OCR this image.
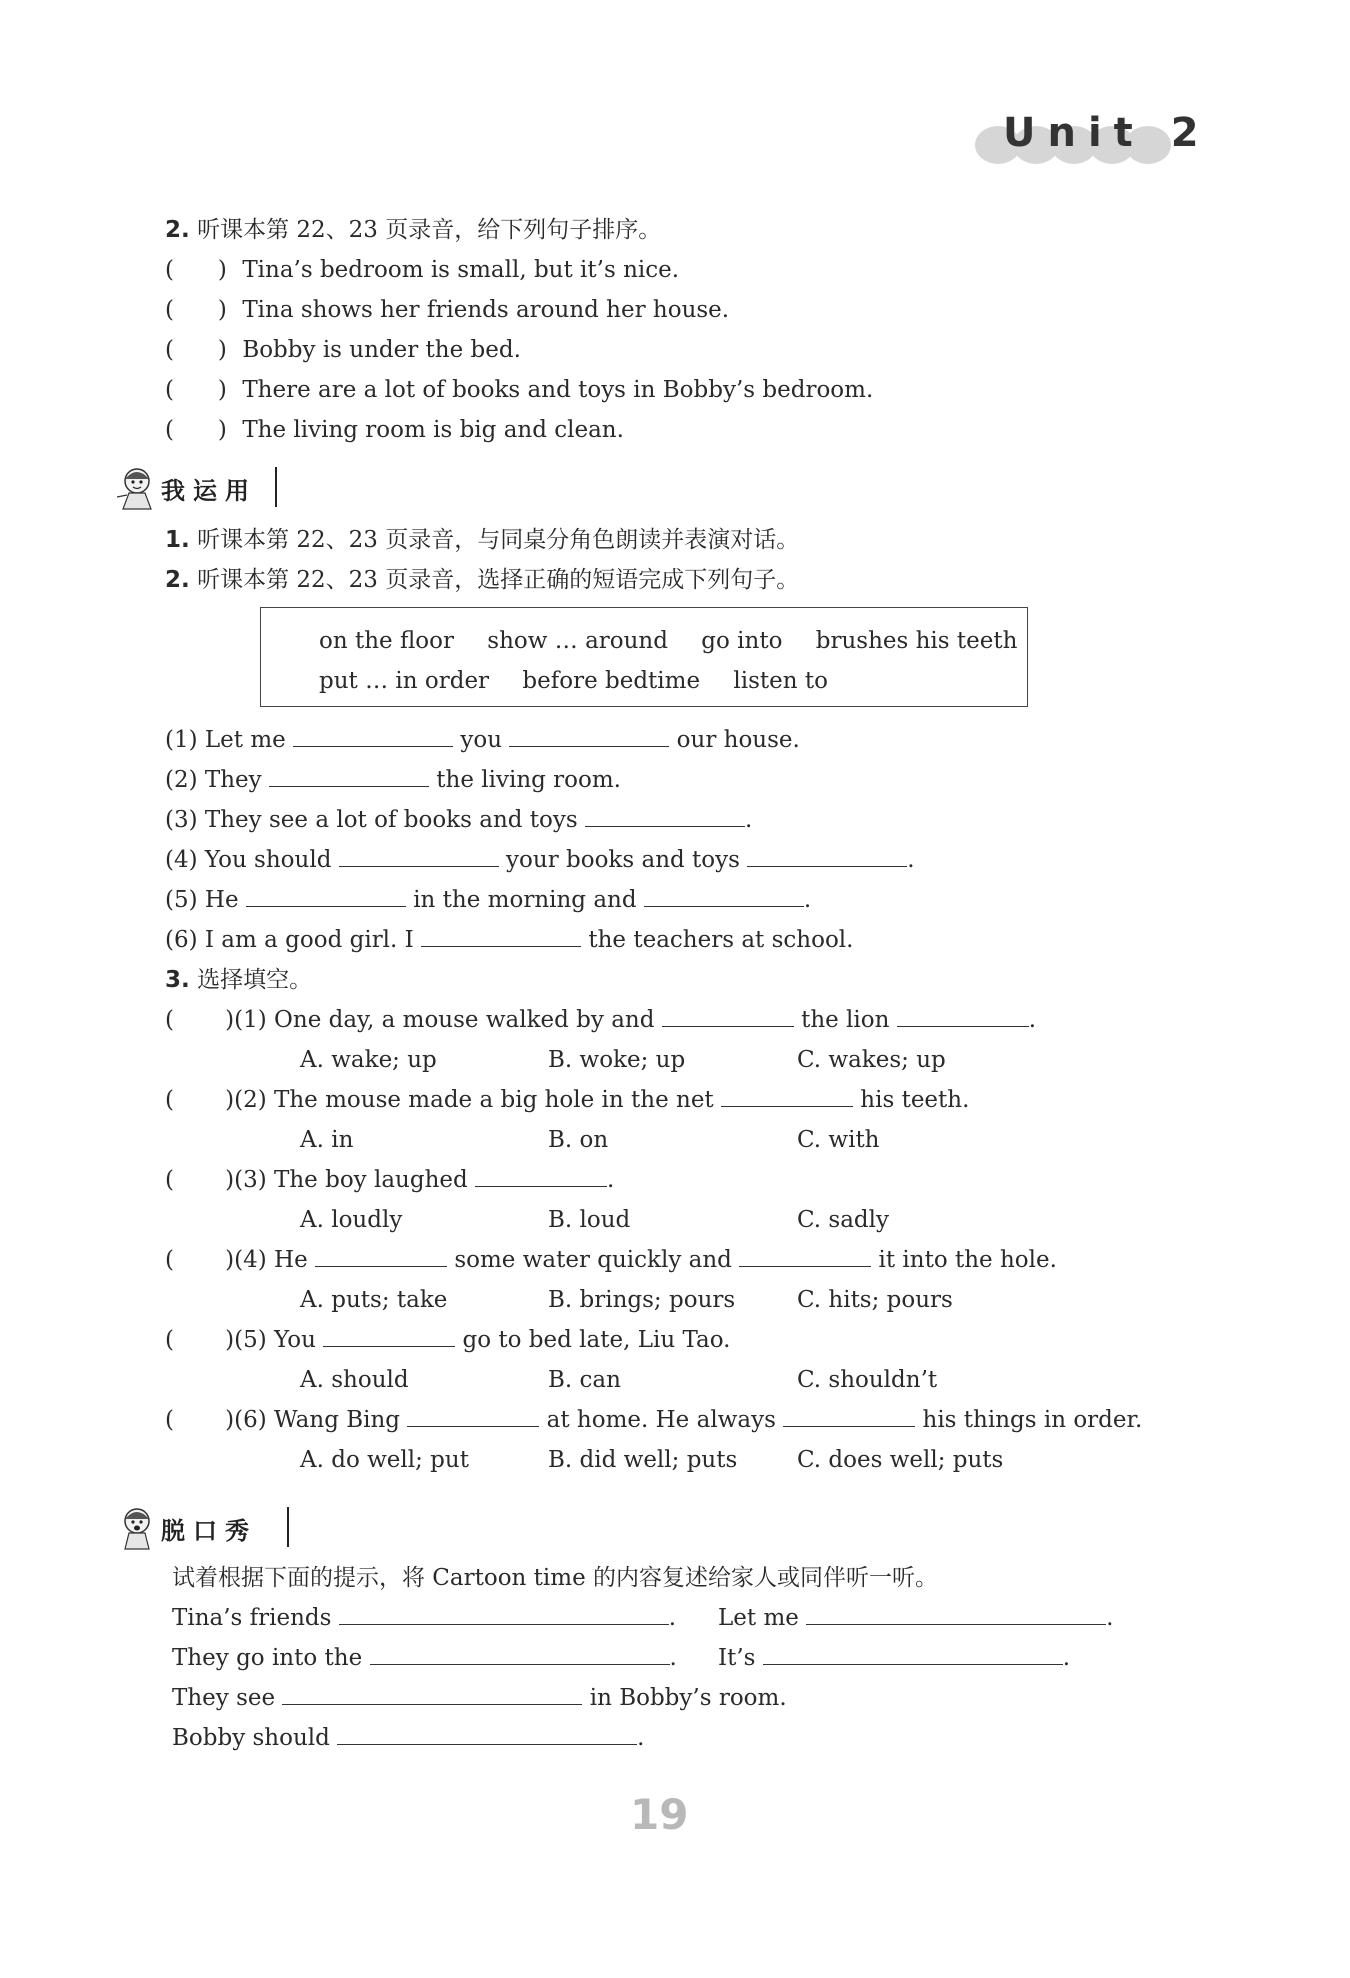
Unit 2
2. 听课本第 22、23 页录音，给下列句子排序。
(      ) Tina’s bedroom is small, but it’s nice.
(      ) Tina shows her friends around her house.
(      ) Bobby is under the bed.
(      ) There are a lot of books and toys in Bobby’s bedroom.
(      ) The living room is big and clean.
我运用
1. 听课本第 22、23 页录音，与同桌分角色朗读并表演对话。
2. 听课本第 22、23 页录音，选择正确的短语完成下列句子。
on the floor show … around go into brushes his teeth
put … in order before bedtime listen to
(1) Let me	you	our house.
(2) They	the living room.
(3) They see a lot of books and toys	.
(4) You should	your books and toys	.
(5) He	in the morning and	.
(6) I am a good girl. I	the teachers at school.
3. 选择填空。
(       )(1) One day, a mouse walked by and	the lion	.
A. wake; up	B. woke; up	C. wakes; up
(       )(2) The mouse made a big hole in the net	his teeth.
A. in	B. on	C. with
(       )(3) The boy laughed	.
A. loudly	B. loud	C. sadly
(       )(4) He	some water quickly and	it into the hole.
A. puts; take	B. brings; pours	C. hits; pours
(       )(5) You	go to bed late, Liu Tao.
A. should	B. can	C. shouldn’t
(       )(6) Wang Bing	at home. He always	his things in order.
A. do well; put	B. did well; puts	C. does well; puts
脱口秀
试着根据下面的提示，将 Cartoon time 的内容复述给家人或同伴听一听。
Tina’s friends	. Let me	.
They go into the	. It’s	.
They see	in Bobby’s room.
Bobby should	.
19
